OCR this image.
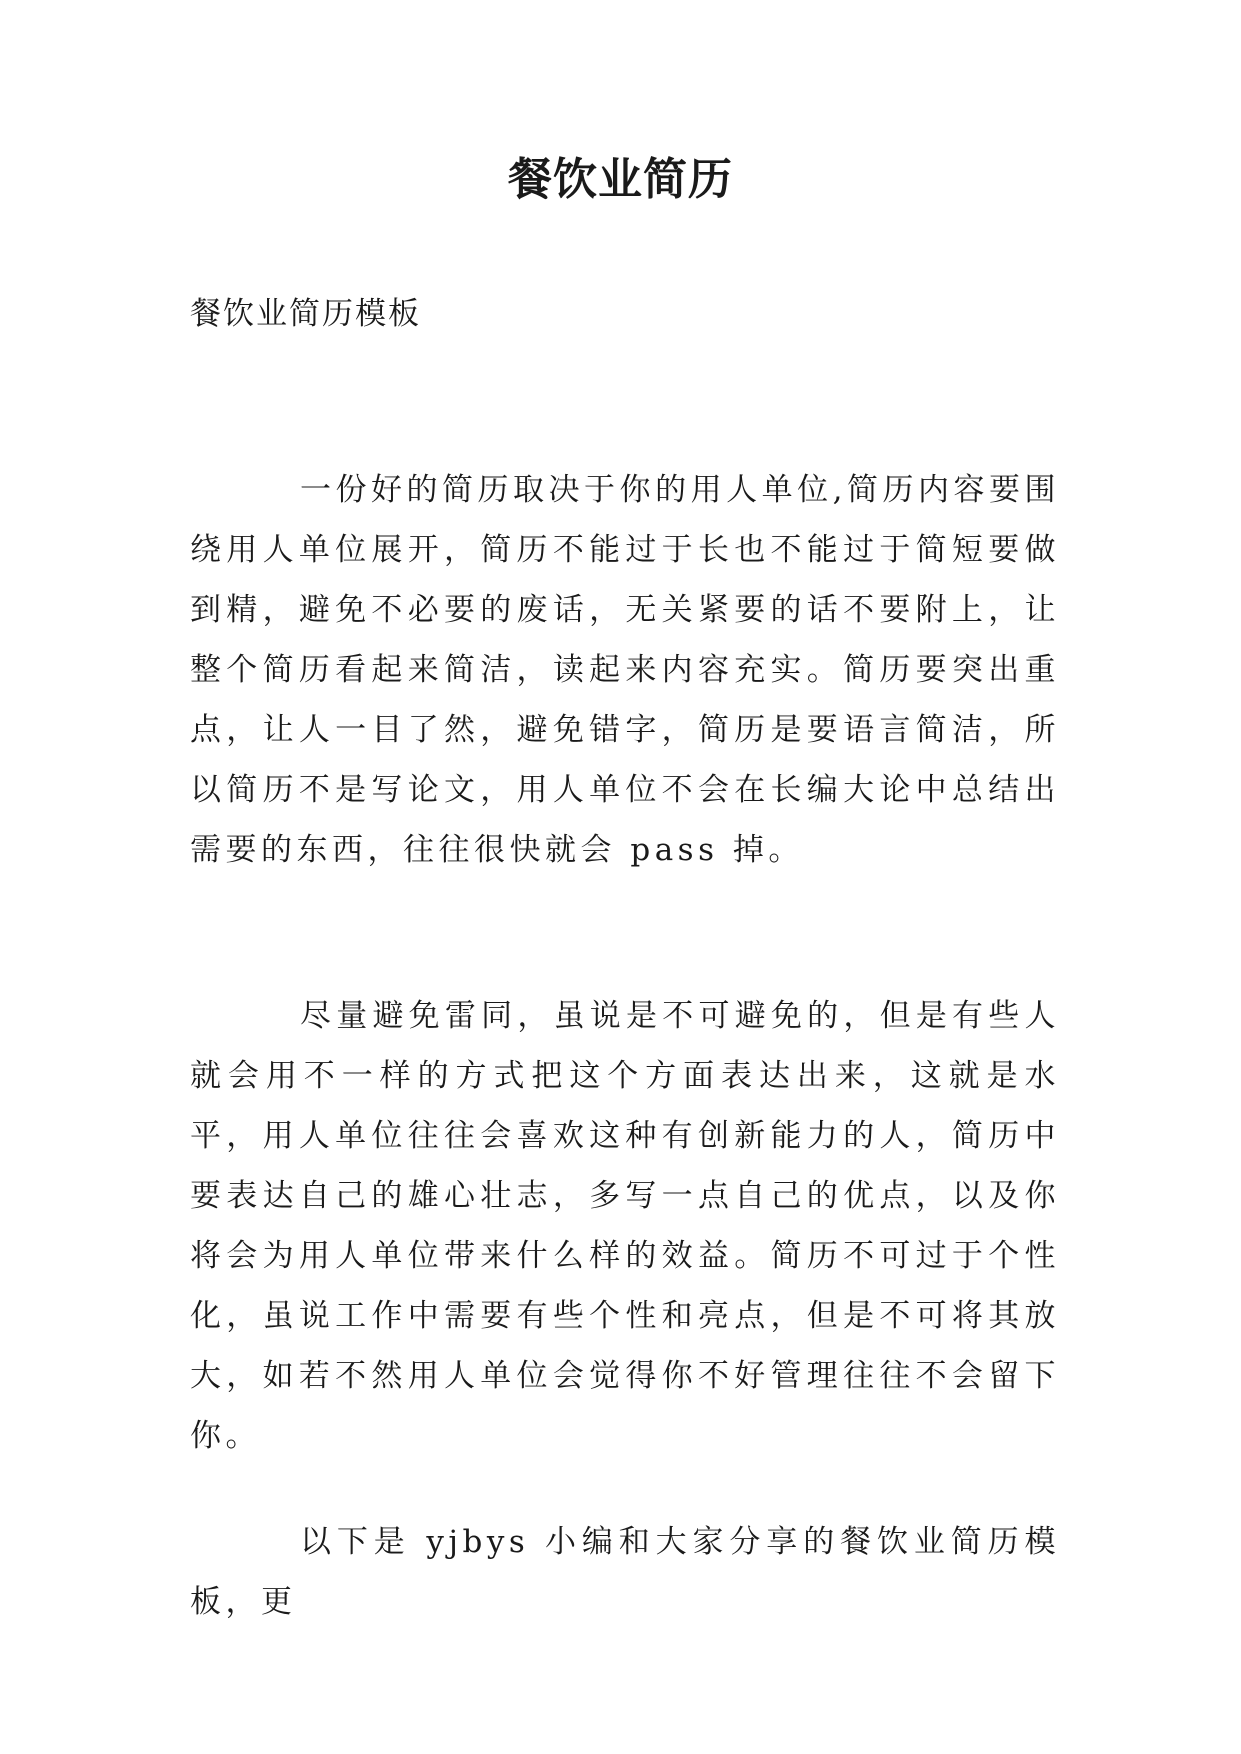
餐饮业简历

餐饮业简历模板

一份好的简历取决于你的用人单位,简历内容要围绕用人单位展开，简历不能过于长也不能过于简短要做到精，避免不必要的废话，无关紧要的话不要附上，让整个简历看起来简洁，读起来内容充实。简历要突出重点，让人一目了然，避免错字，简历是要语言简洁，所以简历不是写论文，用人单位不会在长编大论中总结出需要的东西，往往很快就会 pass 掉。

尽量避免雷同，虽说是不可避免的，但是有些人就会用不一样的方式把这个方面表达出来，这就是水平，用人单位往往会喜欢这种有创新能力的人，简历中要表达自己的雄心壮志，多写一点自己的优点，以及你将会为用人单位带来什么样的效益。简历不可过于个性化，虽说工作中需要有些个性和亮点，但是不可将其放大，如若不然用人单位会觉得你不好管理往往不会留下你。

以下是 yjbys 小编和大家分享的餐饮业简历模板，更
